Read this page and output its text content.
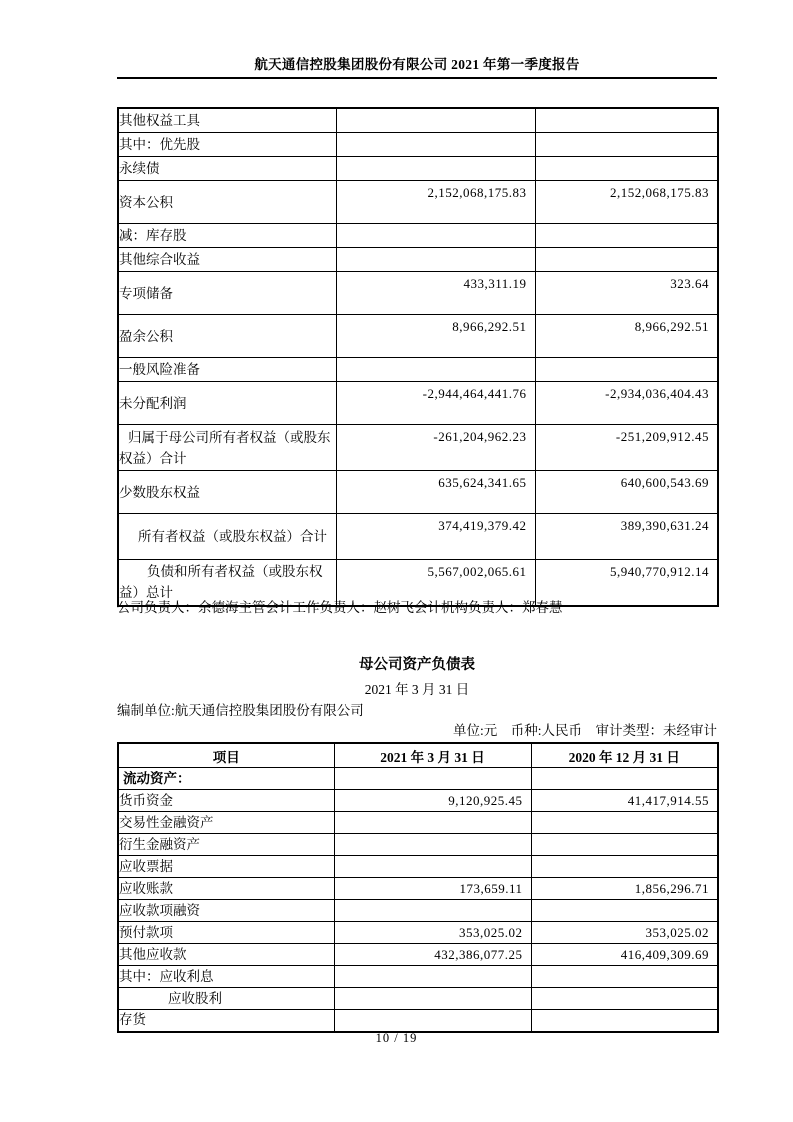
航天通信控股集团股份有限公司 2021 年第一季度报告
其他权益工具		
其中：优先股		
永续债		
资本公积	2,152,068,175.83	2,152,068,175.83
减：库存股		
其他综合收益		
专项储备	433,311.19	323.64
盈余公积	8,966,292.51	8,966,292.51
一般风险准备		
未分配利润	-2,944,464,441.76	-2,934,036,404.43
归属于母公司所有者权益（或股东权益）合计	-261,204,962.23	-251,209,912.45
少数股东权益	635,624,341.65	640,600,543.69
所有者权益（或股东权益）合计	374,419,379.42	389,390,631.24
负债和所有者权益（或股东权益）总计	5,567,002,065.61	5,940,770,912.14
公司负责人：余德海主管会计工作负责人：赵树飞会计机构负责人：郑春慧
母公司资产负债表
2021 年 3 月 31 日
编制单位:航天通信控股集团股份有限公司
单位:元　币种:人民币　审计类型：未经审计
项目	2021 年 3 月 31 日	2020 年 12 月 31 日
流动资产：		
货币资金	9,120,925.45	41,417,914.55
交易性金融资产		
衍生金融资产		
应收票据		
应收账款	173,659.11	1,856,296.71
应收款项融资		
预付款项	353,025.02	353,025.02
其他应收款	432,386,077.25	416,409,309.69
其中：应收利息		
应收股利		
存货		
10 / 19
